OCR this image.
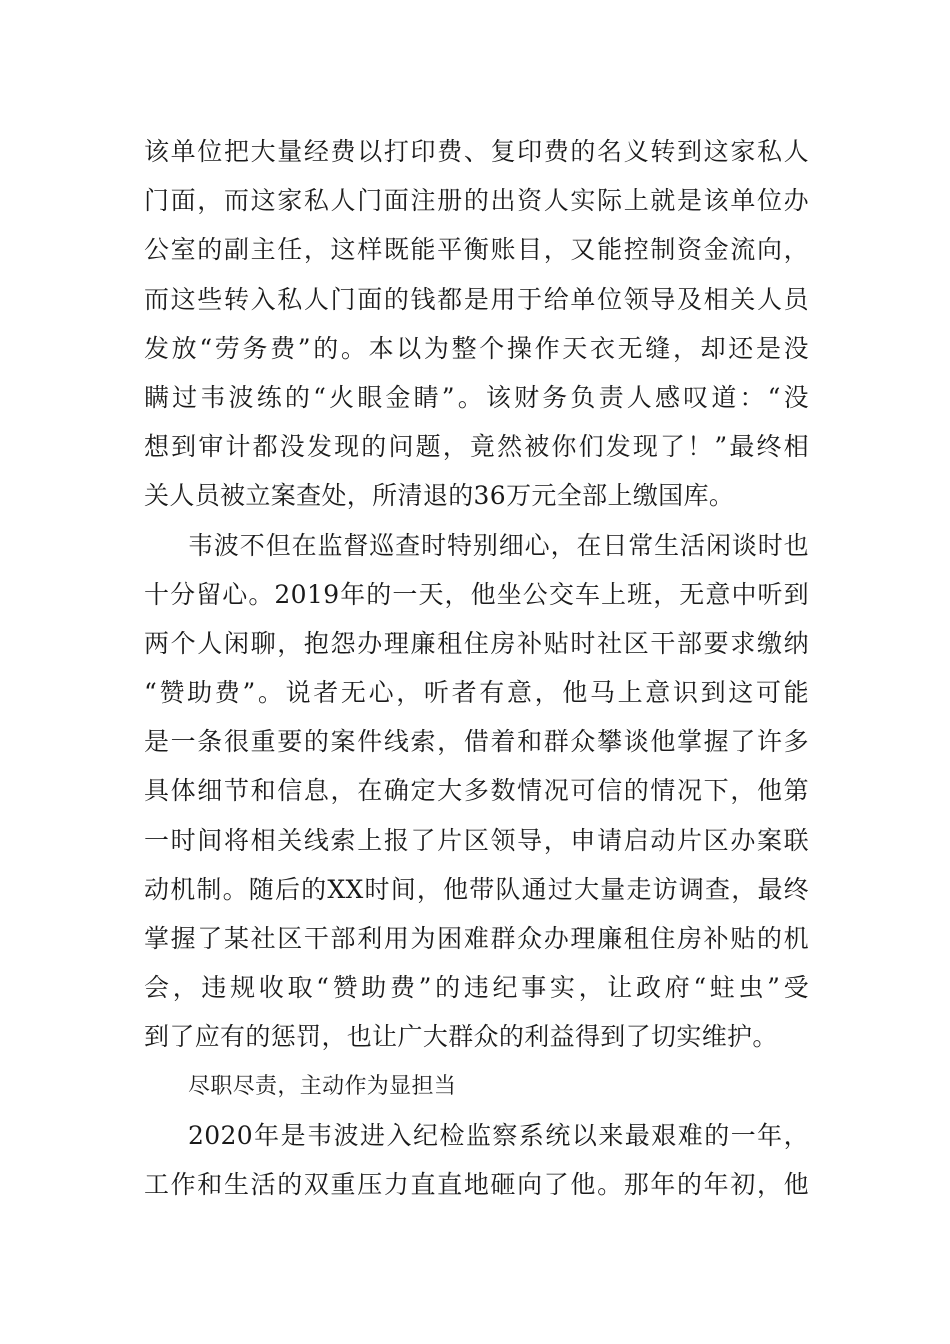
该单位把大量经费以打印费、复印费的名义转到这家私人
门面，而这家私人门面注册的出资人实际上就是该单位办
公室的副主任，这样既能平衡账目，又能控制资金流向，
而这些转入私人门面的钱都是用于给单位领导及相关人员
发放“劳务费”的。本以为整个操作天衣无缝，却还是没
瞒过韦波练的“火眼金睛”。该财务负责人感叹道：“没
想到审计都没发现的问题，竟然被你们发现了！”最终相
关人员被立案查处，所清退的36万元全部上缴国库。
韦波不但在监督巡查时特别细心，在日常生活闲谈时也
十分留心。2019年的一天，他坐公交车上班，无意中听到
两个人闲聊，抱怨办理廉租住房补贴时社区干部要求缴纳
“赞助费”。说者无心，听者有意，他马上意识到这可能
是一条很重要的案件线索，借着和群众攀谈他掌握了许多
具体细节和信息，在确定大多数情况可信的情况下，他第
一时间将相关线索上报了片区领导，申请启动片区办案联
动机制。随后的XX时间，他带队通过大量走访调查，最终
掌握了某社区干部利用为困难群众办理廉租住房补贴的机
会，违规收取“赞助费”的违纪事实，让政府“蛀虫”受
到了应有的惩罚，也让广大群众的利益得到了切实维护。
尽职尽责，主动作为显担当
2020年是韦波进入纪检监察系统以来最艰难的一年，
工作和生活的双重压力直直地砸向了他。那年的年初，他
